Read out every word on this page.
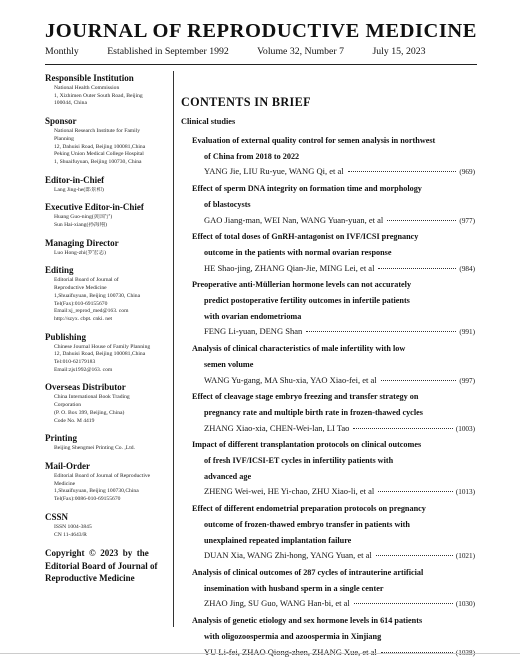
JOURNAL OF REPRODUCTIVE MEDICINE
Monthly	Established in September 1992	Volume 32, Number 7	July 15, 2023
Responsible Institution
National Health Commission
1, Xizhimen Outer South Road, Beijing
100044, China
Sponsor
National Research Institute for Family
Planning
12, Dahuisi Road, Beijing 100081,China
Peking Union Medical College Hospital
1, Shuaifuyuan, Beijing 100730, China
Editor-in-Chief
Lang Jing-he(郎景和)
Executive Editor-in-Chief
Huang Guo-ning(黄国宁)
Sun Hai-xiang(孙海翔)
Managing Director
Luo Hong-zhi(罗宏志)
Editing
Editorial Board of Journal of
Reproductive Medicine
1,Shuaifuyuan, Beijing 100730, China
Tel(Fax):010-69155670
Email:sj_reprod_med@163. com
http://szyx. cbpt. cnki. net
Publishing
Chinese Journal House of Family Planning
12, Dahuisi Road, Beijing 100081,China
Tel:010-62179183
Email:zjs1992@163. com
Overseas Distributor
China International Book Trading
Corporation
(P. O. Box 399, Beijing, China)
Code No. M 4419
Printing
Beijing Shengmei Printing Co. ,Ltd.
Mail-Order
Editorial Board of Journal of Reproductive
Medicine
1,Shuaifuyuan, Beijing 100730,China
Tel(Fax):0086-010-69155670
CSSN
ISSN 1004-3845
CN 11-4643/R
Copyright  ©  2023  by  the
Editorial Board of Journal of
Reproductive Medicine
CONTENTS IN BRIEF
Clinical studies
Evaluation of external quality control for semen analysis in northwest
of China from 2018 to 2022
YANG Jie, LIU Ru-yue, WANG Qi, et al	(969)
Effect of sperm DNA integrity on formation time and morphology
of blastocysts
GAO Jiang-man, WEI Nan, WANG Yuan-yuan, et al	(977)
Effect of total doses of GnRH-antagonist on IVF/ICSI pregnancy
outcome in the patients with normal ovarian response
HE Shao-jing, ZHANG Qian-Jie, MING Lei, et al	(984)
Preoperative anti-Müllerian hormone levels can not accurately
predict postoperative fertility outcomes in infertile patients
with ovarian endometrioma
FENG Li-yuan, DENG Shan	(991)
Analysis of clinical characteristics of male infertility with low
semen volume
WANG Yu-gang, MA Shu-xia, YAO Xiao-fei, et al	(997)
Effect of cleavage stage embryo freezing and transfer strategy on
pregnancy rate and multiple birth rate in frozen-thawed cycles
ZHANG Xiao-xia, CHEN-Wei-lan, LI Tao	(1003)
Impact of different transplantation protocols on clinical outcomes
of fresh IVF/ICSI-ET cycles in infertility patients with
advanced age
ZHENG Wei-wei, HE Yi-chao, ZHU Xiao-li, et al	(1013)
Effect of different endometrial preparation protocols on pregnancy
outcome of frozen-thawed embryo transfer in patients with
unexplained repeated implantation failure
DUAN Xia, WANG Zhi-hong, YANG Yuan, et al	(1021)
Analysis of clinical outcomes of 287 cycles of intrauterine artificial
insemination with husband sperm in a single center
ZHAO Jing, SU Guo, WANG Han-bi, et al	(1030)
Analysis of genetic etiology and sex hormone levels in 614 patients
with oligozoospermia and azoospermia in Xinjiang
YU Li-fei, ZHAO Qiong-zhen, ZHANG Xue, et al	(1038)
